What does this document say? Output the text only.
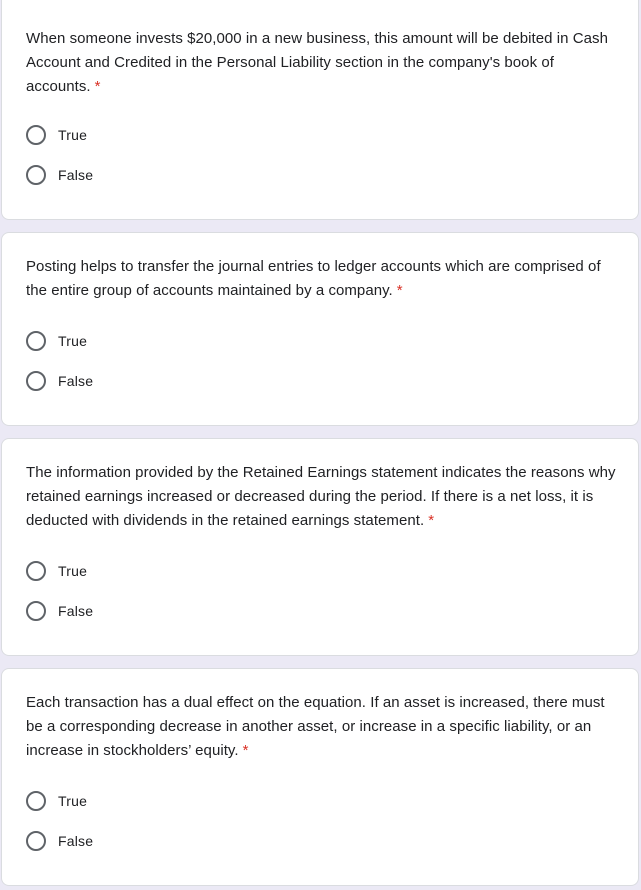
When someone invests $20,000 in a new business, this amount will be debited in Cash Account and Credited in the Personal Liability section in the company's book of accounts. *

True
False

Posting helps to transfer the journal entries to ledger accounts which are comprised of the entire group of accounts maintained by a company. *

True
False

The information provided by the Retained Earnings statement indicates the reasons why retained earnings increased or decreased during the period. If there is a net loss, it is deducted with dividends in the retained earnings statement. *

True
False

Each transaction has a dual effect on the equation. If an asset is increased, there must be a corresponding decrease in another asset, or increase in a specific liability, or an increase in stockholders’ equity. *

True
False
